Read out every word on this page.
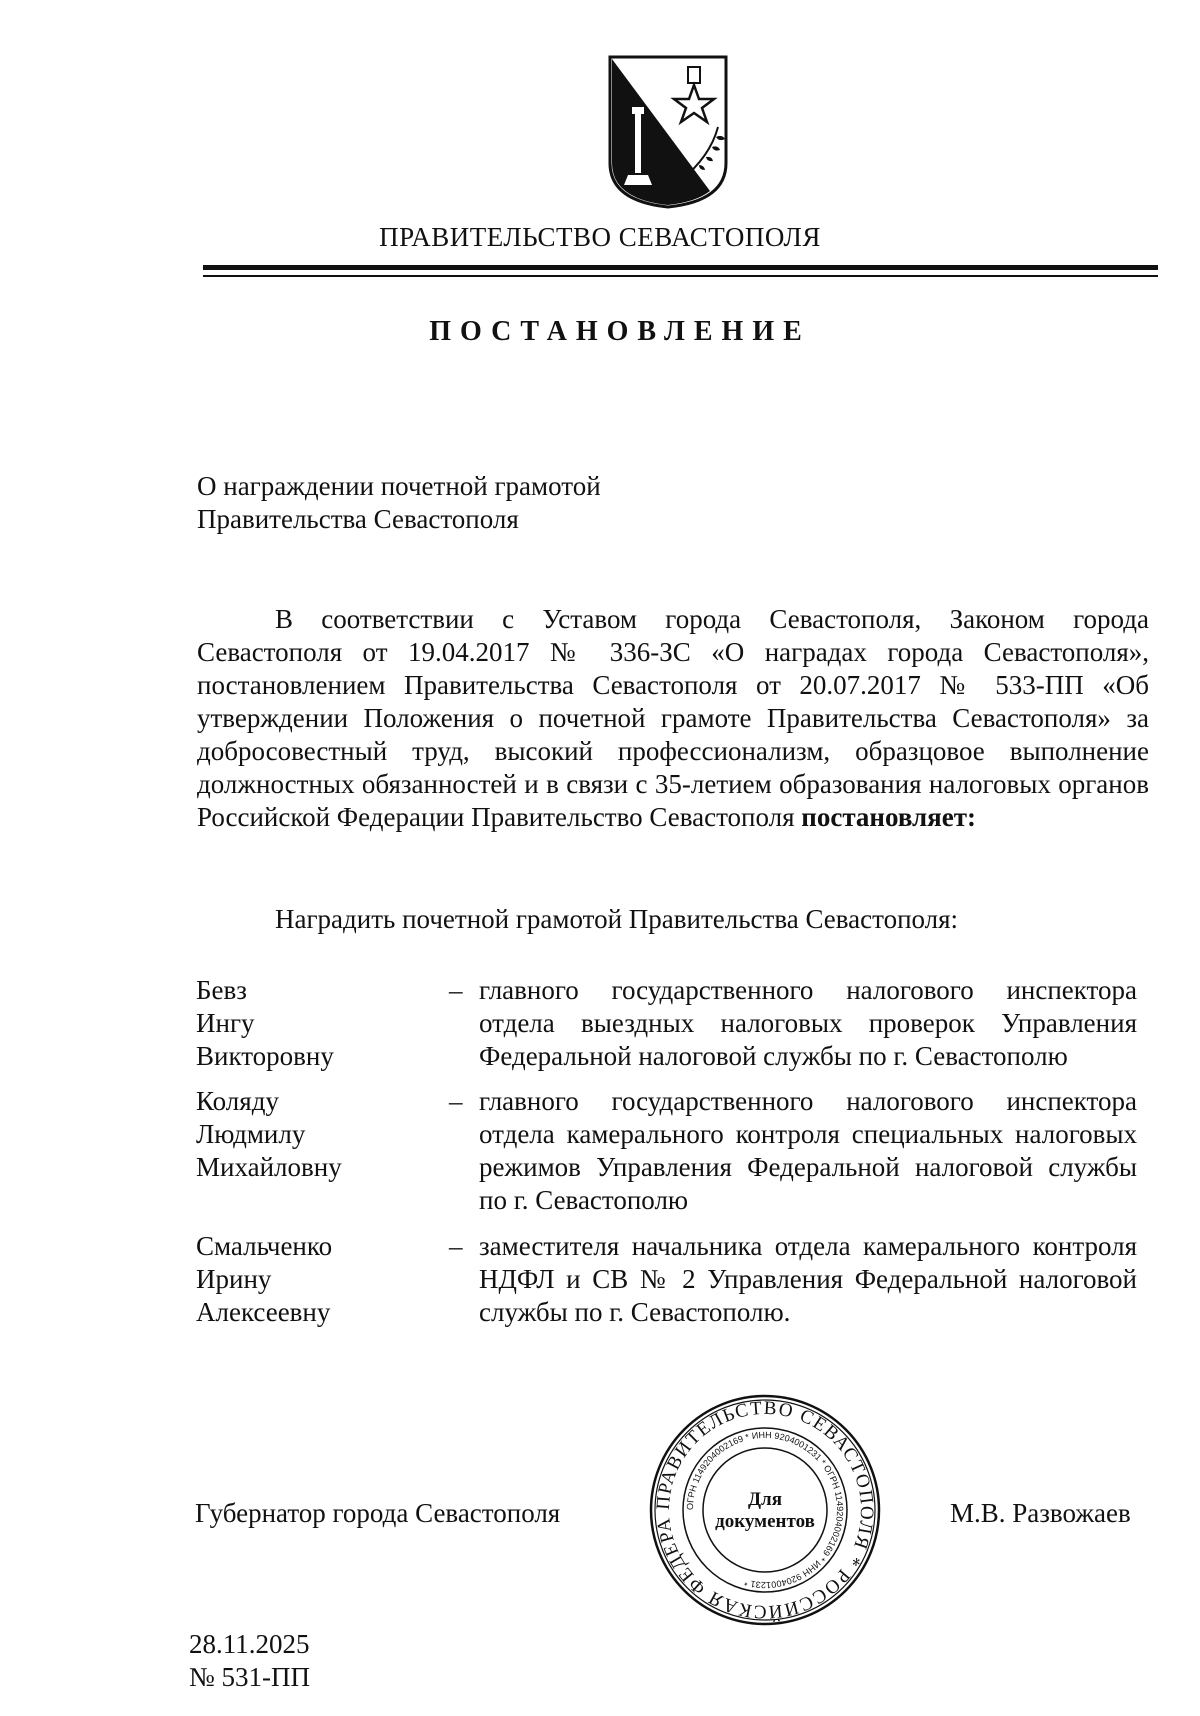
ПРАВИТЕЛЬСТВО СЕВАСТОПОЛЯ
ПОСТАНОВЛЕНИЕ
О награждении почетной грамотой
Правительства Севастополя
В соответствии с Уставом города Севастополя, Законом города Севастополя от 19.04.2017 № 336-ЗС «О наградах города Севастополя», постановлением Правительства Севастополя от 20.07.2017 № 533-ПП «Об утверждении Положения о почетной грамоте Правительства Севастополя» за добросовестный труд, высокий профессионализм, образцовое выполнение должностных обязанностей и в связи с 35-летием образования налоговых органов Российской Федерации Правительство Севастополя постановляет:
Наградить почетной грамотой Правительства Севастополя:
Бевз
Ингу
Викторовну
– главного государственного налогового инспектора отдела выездных налоговых проверок Управления Федеральной налоговой службы по г. Севастополю
Коляду
Людмилу
Михайловну
– главного государственного налогового инспектора отдела камерального контроля специальных налоговых режимов Управления Федеральной налоговой службы по г. Севастополю
Смальченко
Ирину
Алексеевну
– заместителя начальника отдела камерального контроля НДФЛ и СВ № 2 Управления Федеральной налоговой службы по г. Севастополю.
Губернатор города Севастополя	ПРАВИТЕЛЬСТВО СЕВАСТОПОЛЯ * РОССИЙСКАЯ ФЕДЕРА
ОГРН 1149204002169 * ИНН 9204001231 * ОГРН 1149204002169 * ИНН 9204001231 *
Для
документов	М.В. Развожаев
28.11.2025
№ 531-ПП
